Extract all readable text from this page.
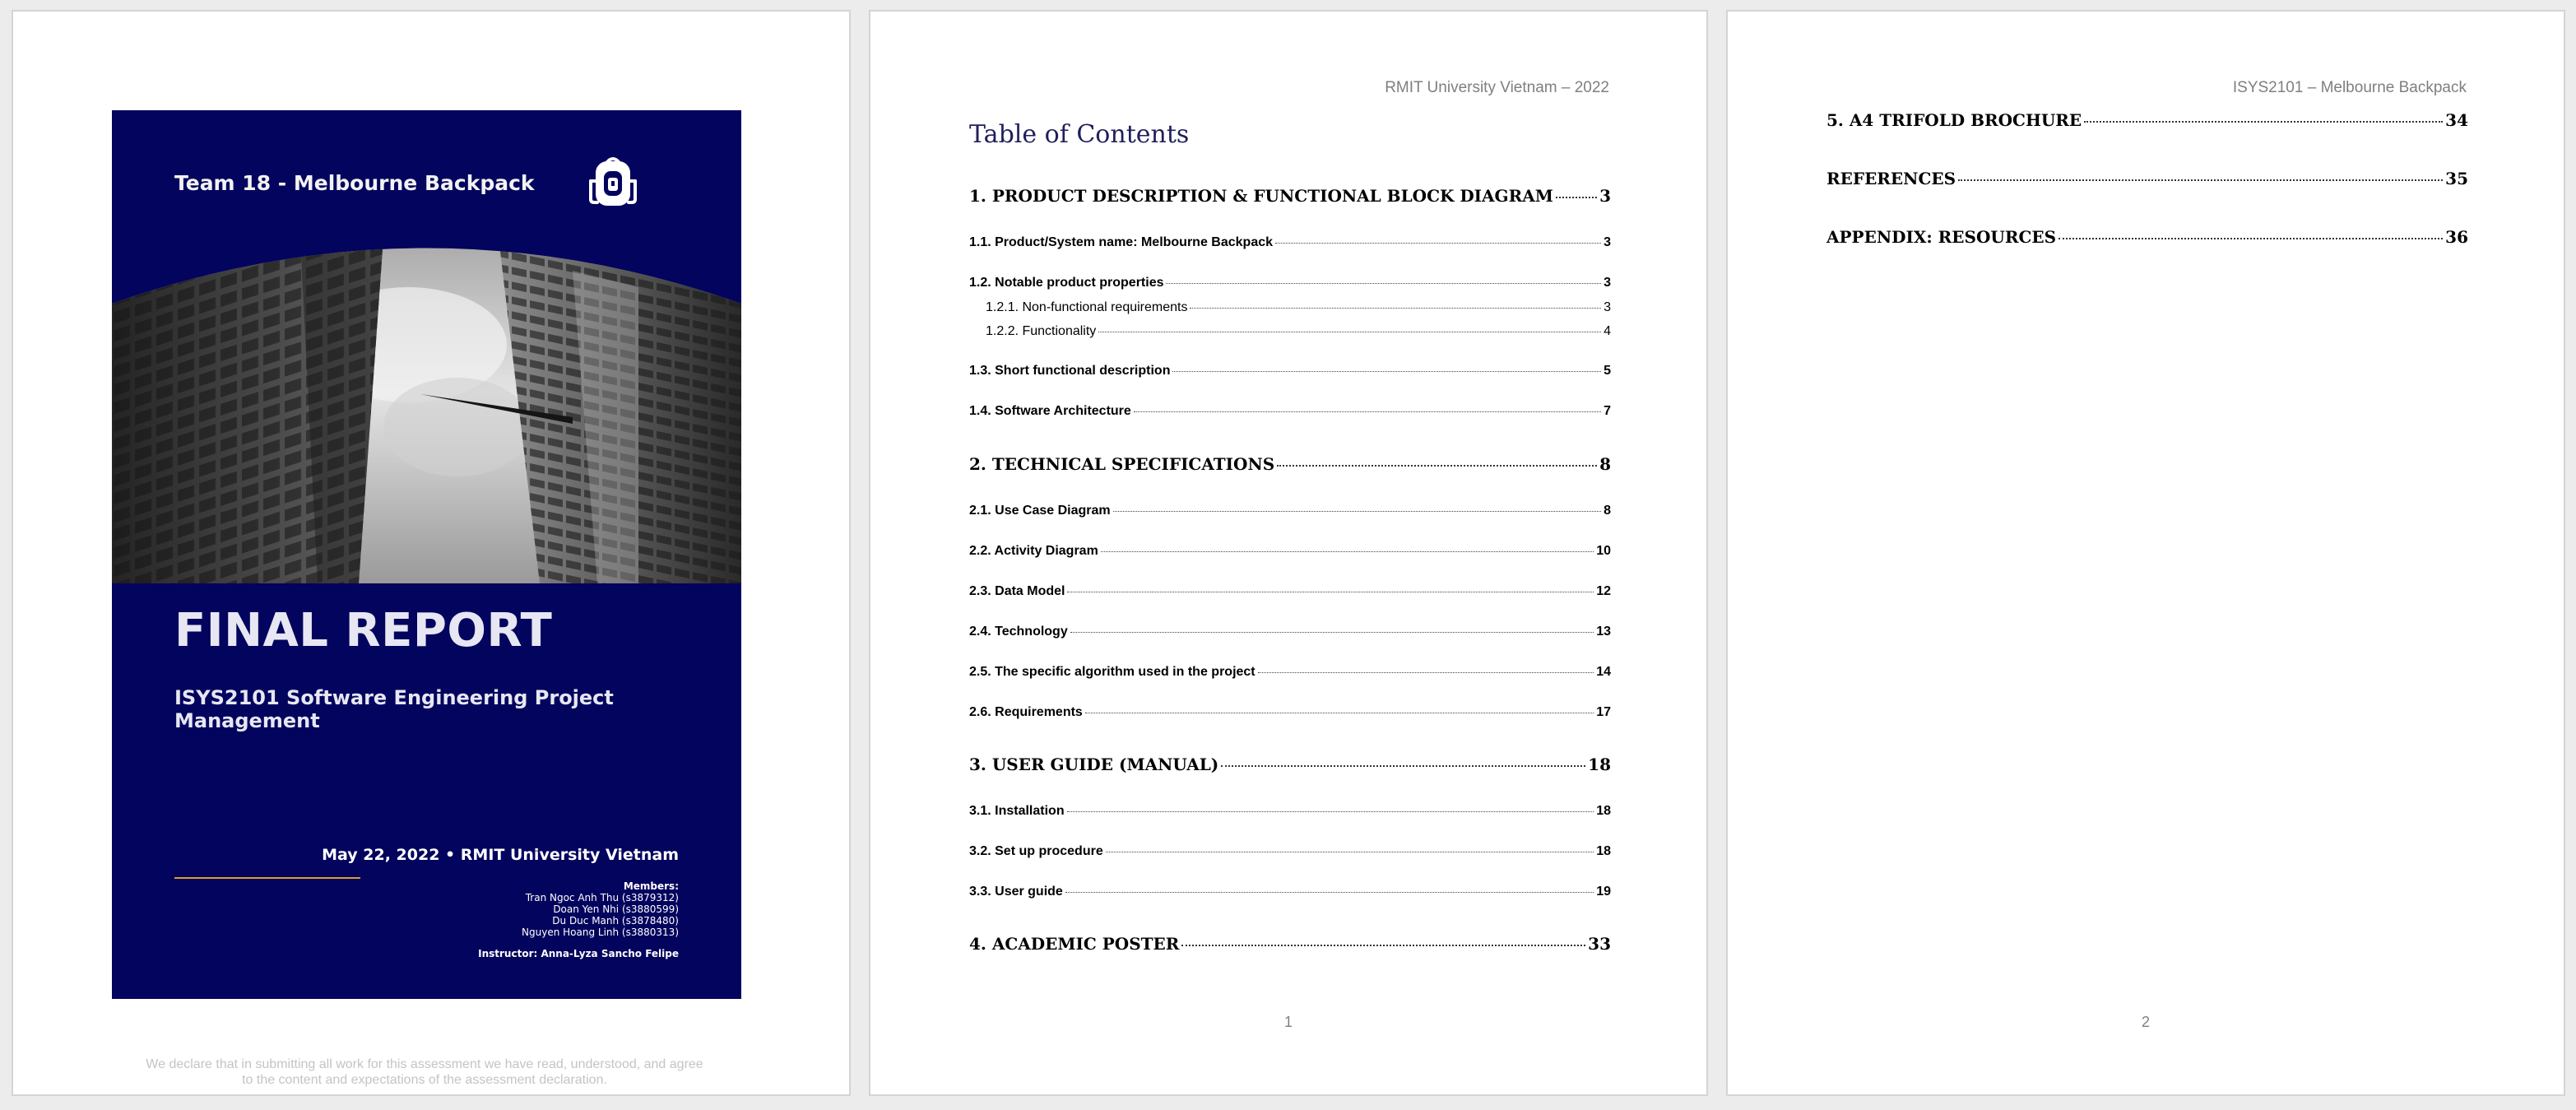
Team 18 - Melbourne Backpack
FINAL REPORT
ISYS2101 Software Engineering Project Management
May 22, 2022 • RMIT University Vietnam
Members:
Tran Ngoc Anh Thu (s3879312)
Doan Yen Nhi (s3880599)
Du Duc Manh (s3878480)
Nguyen Hoang Linh (s3880313)
Instructor: Anna-Lyza Sancho Felipe
We declare that in submitting all work for this assessment we have read, understood, and agree to the content and expectations of the assessment declaration.
RMIT University Vietnam – 2022
Table of Contents
1. PRODUCT DESCRIPTION & FUNCTIONAL BLOCK DIAGRAM	3
1.1. Product/System name: Melbourne Backpack	3
1.2. Notable product properties	3
1.2.1. Non-functional requirements	3
1.2.2. Functionality	4
1.3. Short functional description	5
1.4. Software Architecture	7
2. TECHNICAL SPECIFICATIONS	8
2.1. Use Case Diagram	8
2.2. Activity Diagram	10
2.3. Data Model	12
2.4. Technology	13
2.5. The specific algorithm used in the project	14
2.6. Requirements	17
3. USER GUIDE (MANUAL)	18
3.1. Installation	18
3.2. Set up procedure	18
3.3. User guide	19
4. ACADEMIC POSTER	33
1
ISYS2101 – Melbourne Backpack
5. A4 TRIFOLD BROCHURE	34
REFERENCES	35
APPENDIX: RESOURCES	36
2
